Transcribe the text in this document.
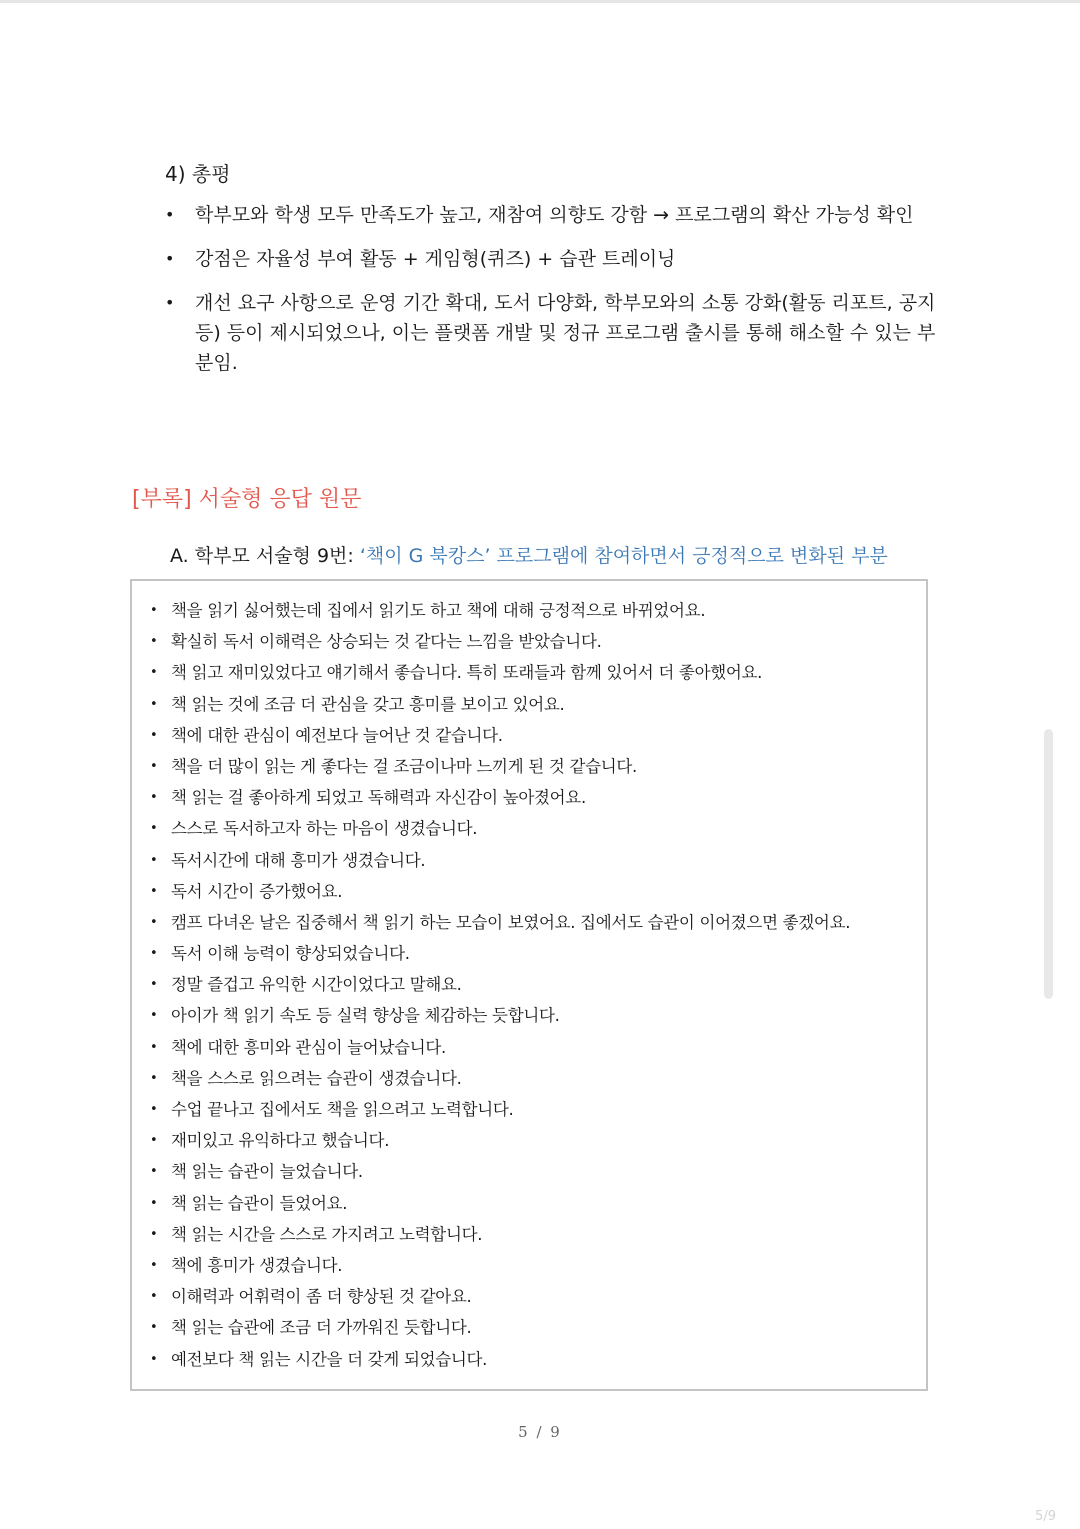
4) 총평
• 학부모와 학생 모두 만족도가 높고, 재참여 의향도 강함 → 프로그램의 확산 가능성 확인
• 강점은 자율성 부여 활동 + 게임형(퀴즈) + 습관 트레이닝
• 개선 요구 사항으로 운영 기간 확대, 도서 다양화, 학부모와의 소통 강화(활동 리포트, 공지 등) 등이 제시되었으나, 이는 플랫폼 개발 및 정규 프로그램 출시를 통해 해소할 수 있는 부분임.
[부록] 서술형 응답 원문
A. 학부모 서술형 9번: ‘책이 G 북캉스’ 프로그램에 참여하면서 긍정적으로 변화된 부분
• 책을 읽기 싫어했는데 집에서 읽기도 하고 책에 대해 긍정적으로 바뀌었어요.
• 확실히 독서 이해력은 상승되는 것 같다는 느낌을 받았습니다.
• 책 읽고 재미있었다고 얘기해서 좋습니다. 특히 또래들과 함께 있어서 더 좋아했어요.
• 책 읽는 것에 조금 더 관심을 갖고 흥미를 보이고 있어요.
• 책에 대한 관심이 예전보다 늘어난 것 같습니다.
• 책을 더 많이 읽는 게 좋다는 걸 조금이나마 느끼게 된 것 같습니다.
• 책 읽는 걸 좋아하게 되었고 독해력과 자신감이 높아졌어요.
• 스스로 독서하고자 하는 마음이 생겼습니다.
• 독서시간에 대해 흥미가 생겼습니다.
• 독서 시간이 증가했어요.
• 캠프 다녀온 날은 집중해서 책 읽기 하는 모습이 보였어요. 집에서도 습관이 이어졌으면 좋겠어요.
• 독서 이해 능력이 향상되었습니다.
• 정말 즐겁고 유익한 시간이었다고 말해요.
• 아이가 책 읽기 속도 등 실력 향상을 체감하는 듯합니다.
• 책에 대한 흥미와 관심이 늘어났습니다.
• 책을 스스로 읽으려는 습관이 생겼습니다.
• 수업 끝나고 집에서도 책을 읽으려고 노력합니다.
• 재미있고 유익하다고 했습니다.
• 책 읽는 습관이 늘었습니다.
• 책 읽는 습관이 들었어요.
• 책 읽는 시간을 스스로 가지려고 노력합니다.
• 책에 흥미가 생겼습니다.
• 이해력과 어휘력이 좀 더 향상된 것 같아요.
• 책 읽는 습관에 조금 더 가까워진 듯합니다.
• 예전보다 책 읽는 시간을 더 갖게 되었습니다.
5 / 9
5/9
